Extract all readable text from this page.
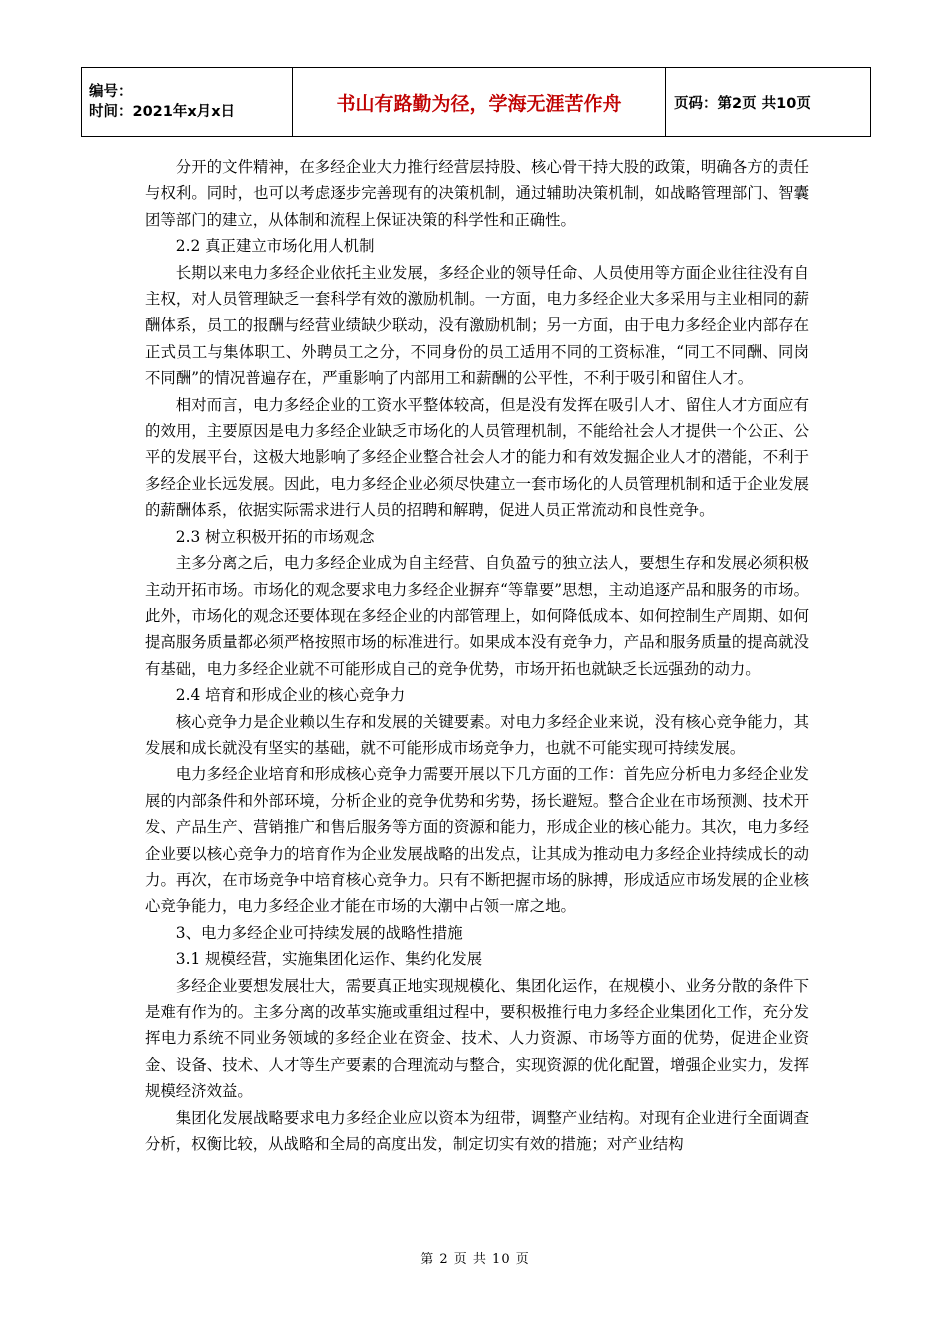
编号：
时间：2021年x月x日	书山有路勤为径，学海无涯苦作舟	页码：第2页 共10页

分开的文件精神，在多经企业大力推行经营层持股、核心骨干持大股的政策，明确各方的责任与权利。同时，也可以考虑逐步完善现有的决策机制，通过辅助决策机制，如战略管理部门、智囊团等部门的建立，从体制和流程上保证决策的科学性和正确性。

2.2 真正建立市场化用人机制

长期以来电力多经企业依托主业发展，多经企业的领导任命、人员使用等方面企业往往没有自主权，对人员管理缺乏一套科学有效的激励机制。一方面，电力多经企业大多采用与主业相同的薪酬体系，员工的报酬与经营业绩缺少联动，没有激励机制；另一方面，由于电力多经企业内部存在正式员工与集体职工、外聘员工之分，不同身份的员工适用不同的工资标准，“同工不同酬、同岗不同酬”的情况普遍存在，严重影响了内部用工和薪酬的公平性，不利于吸引和留住人才。

相对而言，电力多经企业的工资水平整体较高，但是没有发挥在吸引人才、留住人才方面应有的效用，主要原因是电力多经企业缺乏市场化的人员管理机制，不能给社会人才提供一个公正、公平的发展平台，这极大地影响了多经企业整合社会人才的能力和有效发掘企业人才的潜能，不利于多经企业长远发展。因此，电力多经企业必须尽快建立一套市场化的人员管理机制和适于企业发展的薪酬体系，依据实际需求进行人员的招聘和解聘，促进人员正常流动和良性竞争。

2.3 树立积极开拓的市场观念

主多分离之后，电力多经企业成为自主经营、自负盈亏的独立法人，要想生存和发展必须积极主动开拓市场。市场化的观念要求电力多经企业摒弃“等靠要”思想，主动追逐产品和服务的市场。此外，市场化的观念还要体现在多经企业的内部管理上，如何降低成本、如何控制生产周期、如何提高服务质量都必须严格按照市场的标准进行。如果成本没有竞争力，产品和服务质量的提高就没有基础，电力多经企业就不可能形成自己的竞争优势，市场开拓也就缺乏长远强劲的动力。

2.4 培育和形成企业的核心竞争力

核心竞争力是企业赖以生存和发展的关键要素。对电力多经企业来说，没有核心竞争能力，其发展和成长就没有坚实的基础，就不可能形成市场竞争力，也就不可能实现可持续发展。

电力多经企业培育和形成核心竞争力需要开展以下几方面的工作：首先应分析电力多经企业发展的内部条件和外部环境，分析企业的竞争优势和劣势，扬长避短。整合企业在市场预测、技术开发、产品生产、营销推广和售后服务等方面的资源和能力，形成企业的核心能力。其次，电力多经企业要以核心竞争力的培育作为企业发展战略的出发点，让其成为推动电力多经企业持续成长的动力。再次，在市场竞争中培育核心竞争力。只有不断把握市场的脉搏，形成适应市场发展的企业核心竞争能力，电力多经企业才能在市场的大潮中占领一席之地。

3、电力多经企业可持续发展的战略性措施

3.1 规模经营，实施集团化运作、集约化发展

多经企业要想发展壮大，需要真正地实现规模化、集团化运作，在规模小、业务分散的条件下是难有作为的。主多分离的改革实施或重组过程中，要积极推行电力多经企业集团化工作，充分发挥电力系统不同业务领域的多经企业在资金、技术、人力资源、市场等方面的优势，促进企业资金、设备、技术、人才等生产要素的合理流动与整合，实现资源的优化配置，增强企业实力，发挥规模经济效益。

集团化发展战略要求电力多经企业应以资本为纽带，调整产业结构。对现有企业进行全面调查分析，权衡比较，从战略和全局的高度出发，制定切实有效的措施；对产业结构

第 2 页 共 10 页
